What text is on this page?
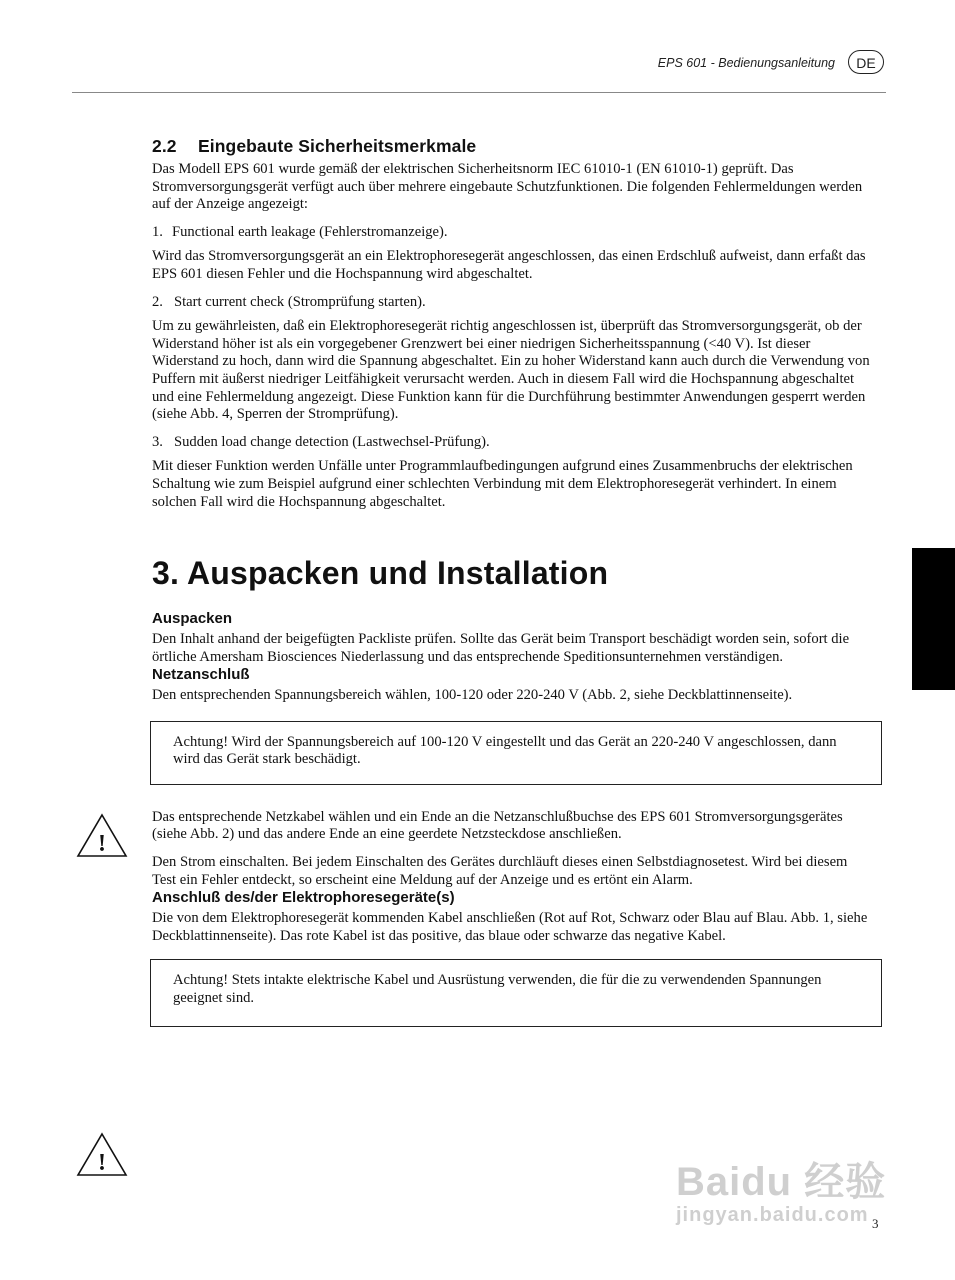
EPS 601 - Bedienungsanleitung	DE
!
!
2.2 Eingebaute Sicherheitsmerkmale

Das Modell EPS 601 wurde gemäß der elektrischen Sicherheitsnorm IEC 61010-1 (EN 61010-1) geprüft. Das Stromversorgungsgerät verfügt auch über mehrere eingebaute Schutzfunktionen. Die folgenden Fehlermeldungen werden auf der Anzeige angezeigt:

1. Functional earth leakage (Fehlerstromanzeige).

Wird das Stromversorgungsgerät an ein Elektrophoresegerät angeschlossen, das einen Erdschluß aufweist, dann erfaßt das EPS 601 diesen Fehler und die Hochspannung wird abgeschaltet.

2. Start current check (Stromprüfung starten).

Um zu gewährleisten, daß ein Elektrophoresegerät richtig angeschlossen ist, überprüft das Stromversorgungsgerät, ob der Widerstand höher ist als ein vorgegebener Grenzwert bei einer niedrigen Sicherheitsspannung (<40 V). Ist dieser Widerstand zu hoch, dann wird die Spannung abgeschaltet. Ein zu hoher Widerstand kann auch durch die Verwendung von Puffern mit äußerst niedriger Leitfähigkeit verursacht werden. Auch in diesem Fall wird die Hochspannung abgeschaltet und eine Fehlermeldung angezeigt. Diese Funktion kann für die Durchführung bestimmter Anwendungen gesperrt werden (siehe Abb. 4, Sperren der Stromprüfung).

3. Sudden load change detection (Lastwechsel-Prüfung).

Mit dieser Funktion werden Unfälle unter Programmlaufbedingungen aufgrund eines Zusammenbruchs der elektrischen Schaltung wie zum Beispiel aufgrund einer schlechten Verbindung mit dem Elektrophoresegerät verhindert. In einem solchen Fall wird die Hochspannung abgeschaltet.

3. Auspacken und Installation
Auspacken

Den Inhalt anhand der beigefügten Packliste prüfen. Sollte das Gerät beim Transport beschädigt worden sein, sofort die örtliche Amersham Biosciences Niederlassung und das entsprechende Speditionsunternehmen verständigen.

Netzanschluß

Den entsprechenden Spannungsbereich wählen, 100-120 oder 220-240 V (Abb. 2, siehe Deckblattinnenseite).

Achtung! Wird der Spannungsbereich auf 100-120 V eingestellt und das Gerät an 220-240 V angeschlossen, dann wird das Gerät stark beschädigt.

Das entsprechende Netzkabel wählen und ein Ende an die Netzanschlußbuchse des EPS 601 Stromversorgungsgerätes (siehe Abb. 2) und das andere Ende an eine geerdete Netzsteckdose anschließen.

Den Strom einschalten. Bei jedem Einschalten des Gerätes durchläuft dieses einen Selbstdiagnosetest. Wird bei diesem Test ein Fehler entdeckt, so erscheint eine Meldung auf der Anzeige und es ertönt ein Alarm.

Anschluß des/der Elektrophoresegeräte(s)

Die von dem Elektrophoresegerät kommenden Kabel anschließen (Rot auf Rot, Schwarz oder Blau auf Blau. Abb. 1, siehe Deckblattinnenseite). Das rote Kabel ist das positive, das blaue oder schwarze das negative Kabel.

Achtung! Stets intakte elektrische Kabel und Ausrüstung verwenden, die für die zu verwendenden Spannungen geeignet sind.

Baidu 经验
jingyan.baidu.com 3
